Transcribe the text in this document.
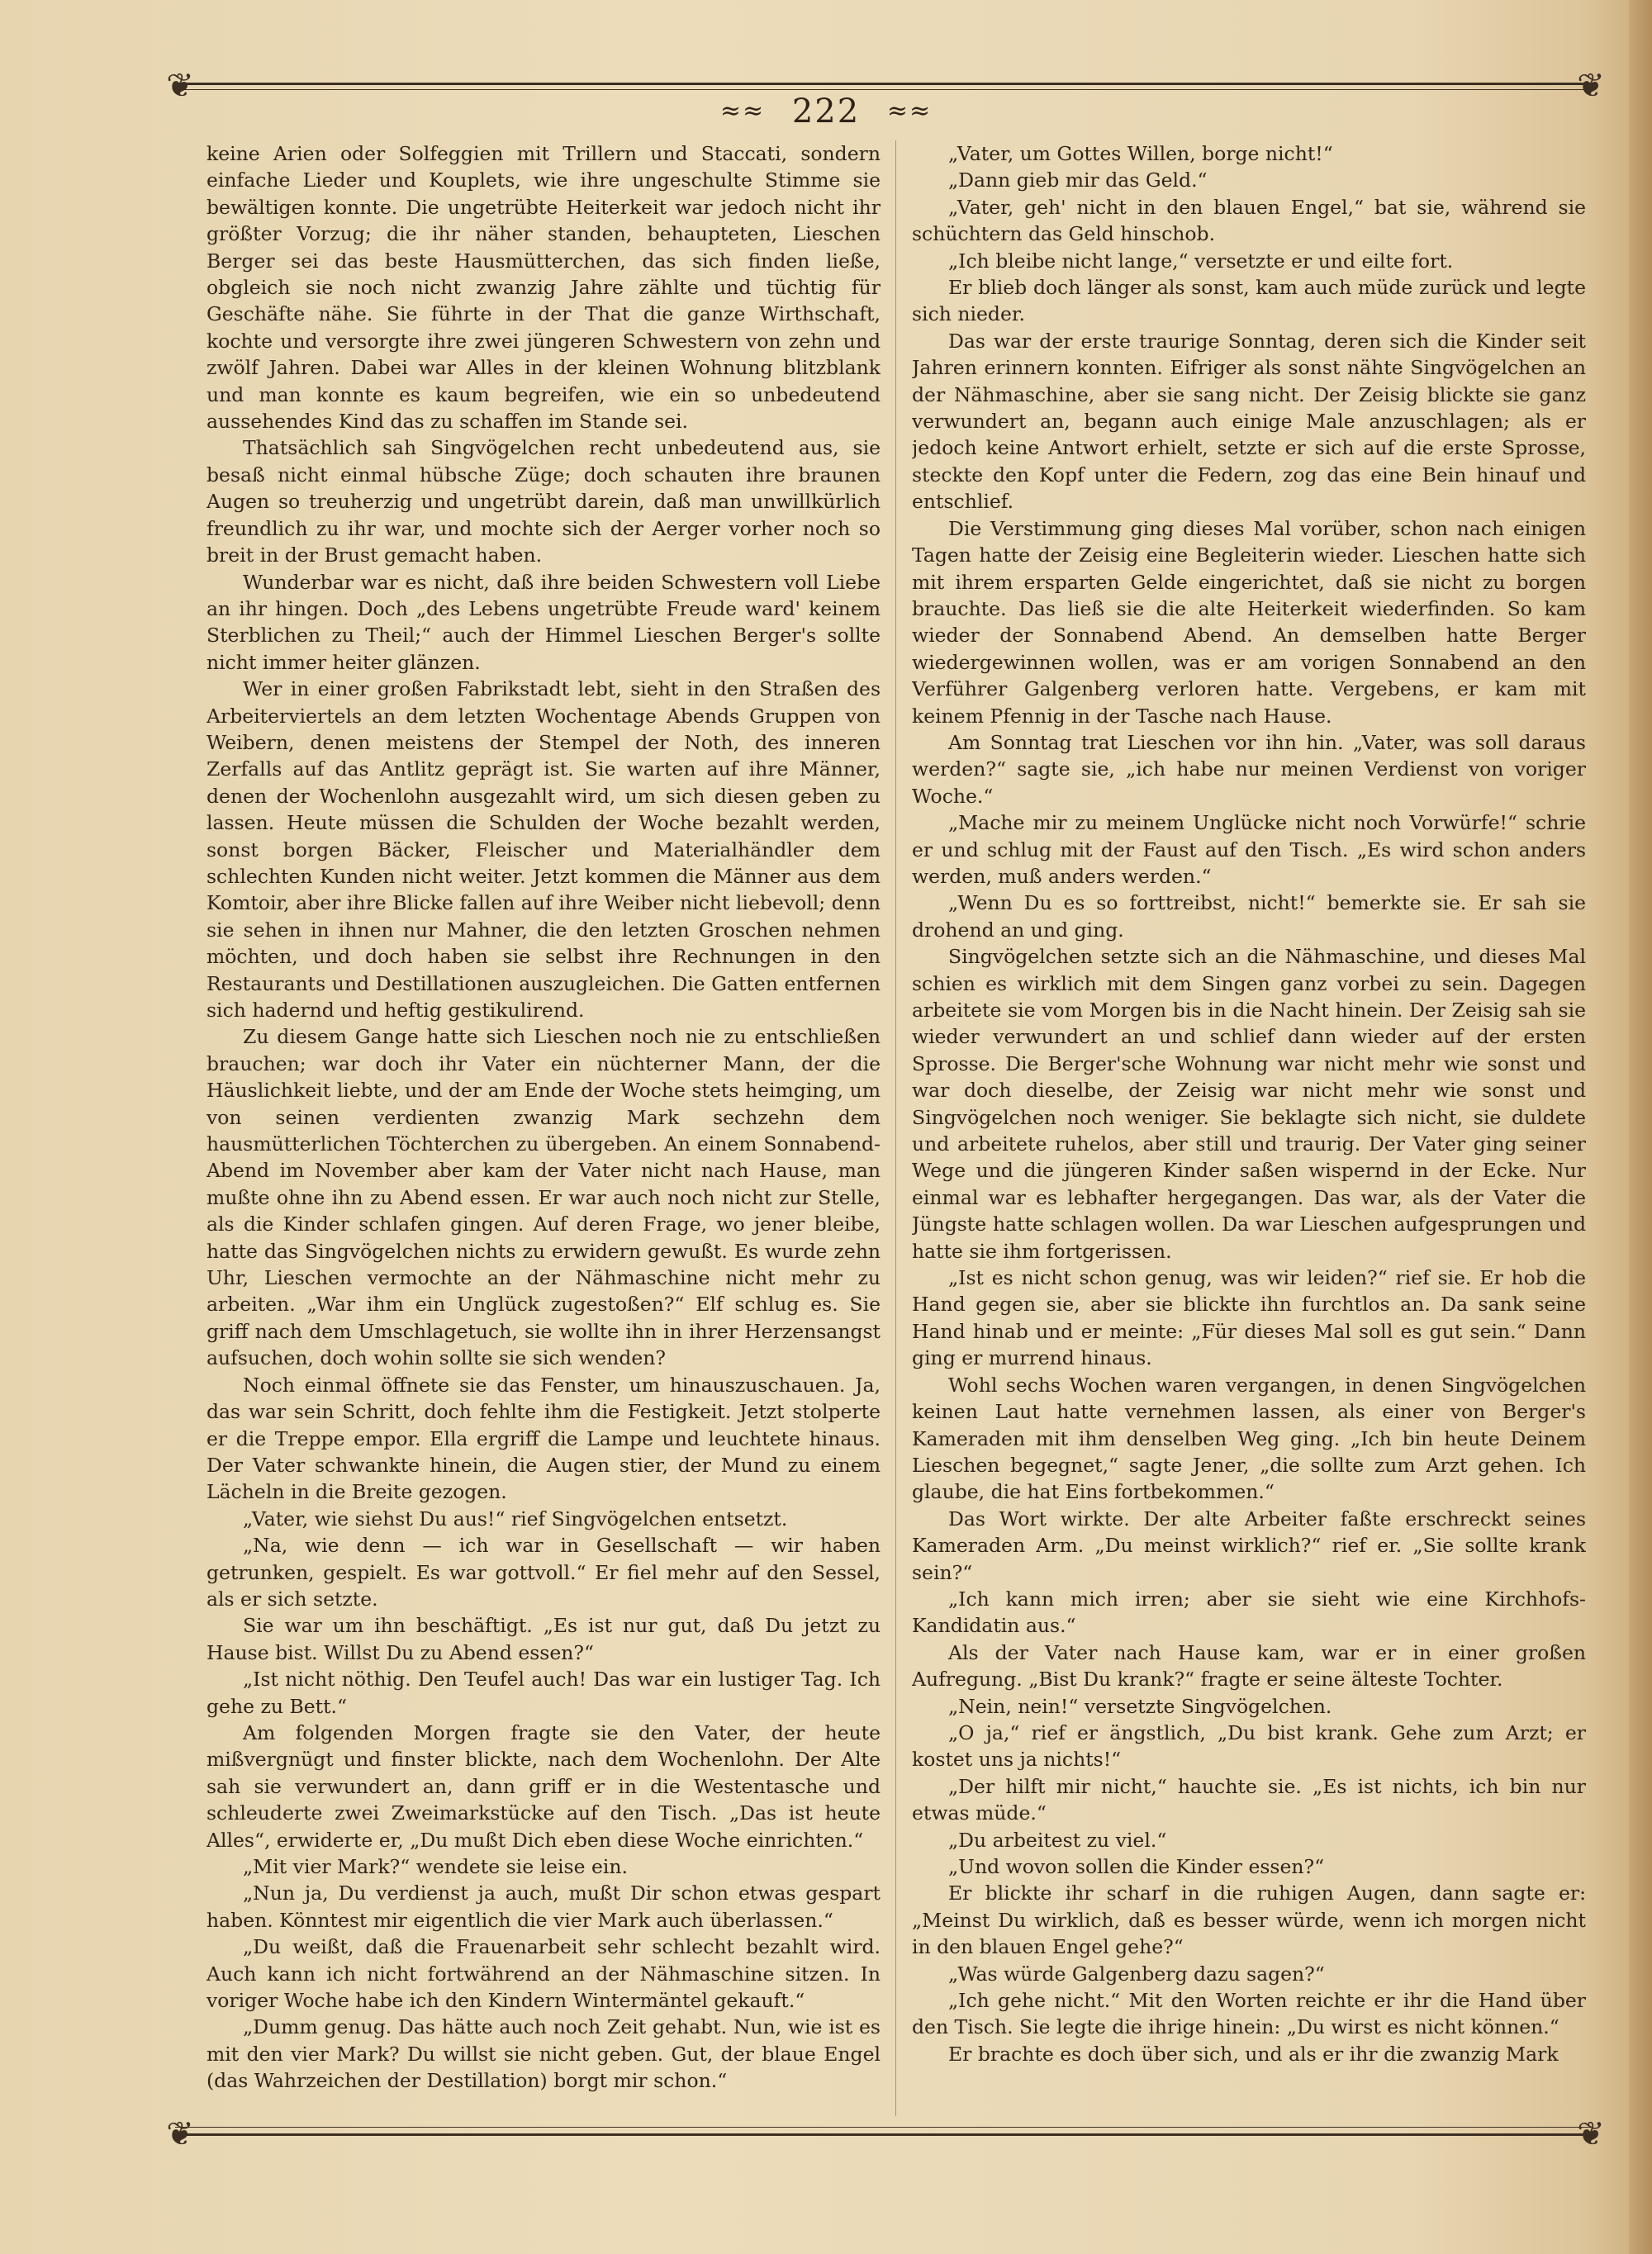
❦	❦
≈≈ 222 ≈≈

keine Arien oder Solfeggien mit Trillern und Staccati, sondern einfache Lieder und Kouplets, wie ihre ungeschulte Stimme sie bewältigen konnte. Die ungetrübte Heiterkeit war jedoch nicht ihr größter Vorzug; die ihr näher standen, behaupteten, Lieschen Berger sei das beste Hausmütterchen, das sich finden ließe, obgleich sie noch nicht zwanzig Jahre zählte und tüchtig für Geschäfte nähe. Sie führte in der That die ganze Wirthschaft, kochte und versorgte ihre zwei jüngeren Schwestern von zehn und zwölf Jahren. Dabei war Alles in der kleinen Wohnung blitzblank und man konnte es kaum begreifen, wie ein so unbedeutend aussehendes Kind das zu schaffen im Stande sei.

Thatsächlich sah Singvögelchen recht unbedeutend aus, sie besaß nicht einmal hübsche Züge; doch schauten ihre braunen Augen so treuherzig und ungetrübt darein, daß man unwillkürlich freundlich zu ihr war, und mochte sich der Aerger vorher noch so breit in der Brust gemacht haben.

Wunderbar war es nicht, daß ihre beiden Schwestern voll Liebe an ihr hingen. Doch „des Lebens ungetrübte Freude ward' keinem Sterblichen zu Theil;“ auch der Himmel Lieschen Berger's sollte nicht immer heiter glänzen.

Wer in einer großen Fabrikstadt lebt, sieht in den Straßen des Arbeiterviertels an dem letzten Wochentage Abends Gruppen von Weibern, denen meistens der Stempel der Noth, des inneren Zerfalls auf das Antlitz geprägt ist. Sie warten auf ihre Männer, denen der Wochenlohn ausgezahlt wird, um sich diesen geben zu lassen. Heute müssen die Schulden der Woche bezahlt werden, sonst borgen Bäcker, Fleischer und Materialhändler dem schlechten Kunden nicht weiter. Jetzt kommen die Männer aus dem Komtoir, aber ihre Blicke fallen auf ihre Weiber nicht liebevoll; denn sie sehen in ihnen nur Mahner, die den letzten Groschen nehmen möchten, und doch haben sie selbst ihre Rechnungen in den Restaurants und Destillationen auszugleichen. Die Gatten entfernen sich hadernd und heftig gestikulirend.

Zu diesem Gange hatte sich Lieschen noch nie zu entschließen brauchen; war doch ihr Vater ein nüchterner Mann, der die Häuslichkeit liebte, und der am Ende der Woche stets heimging, um von seinen verdienten zwanzig Mark sechzehn dem hausmütterlichen Töchterchen zu übergeben. An einem Sonnabend-Abend im November aber kam der Vater nicht nach Hause, man mußte ohne ihn zu Abend essen. Er war auch noch nicht zur Stelle, als die Kinder schlafen gingen. Auf deren Frage, wo jener bleibe, hatte das Singvögelchen nichts zu erwidern gewußt. Es wurde zehn Uhr, Lieschen vermochte an der Nähmaschine nicht mehr zu arbeiten. „War ihm ein Unglück zugestoßen?“ Elf schlug es. Sie griff nach dem Umschlagetuch, sie wollte ihn in ihrer Herzensangst aufsuchen, doch wohin sollte sie sich wenden?

Noch einmal öffnete sie das Fenster, um hinauszuschauen. Ja, das war sein Schritt, doch fehlte ihm die Festigkeit. Jetzt stolperte er die Treppe empor. Ella ergriff die Lampe und leuchtete hinaus. Der Vater schwankte hinein, die Augen stier, der Mund zu einem Lächeln in die Breite gezogen.

„Vater, wie siehst Du aus!“ rief Singvögelchen entsetzt.

„Na, wie denn — ich war in Gesellschaft — wir haben getrunken, gespielt. Es war gottvoll.“ Er fiel mehr auf den Sessel, als er sich setzte.

Sie war um ihn beschäftigt. „Es ist nur gut, daß Du jetzt zu Hause bist. Willst Du zu Abend essen?“

„Ist nicht nöthig. Den Teufel auch! Das war ein lustiger Tag. Ich gehe zu Bett.“

Am folgenden Morgen fragte sie den Vater, der heute mißvergnügt und finster blickte, nach dem Wochenlohn. Der Alte sah sie verwundert an, dann griff er in die Westentasche und schleuderte zwei Zweimarkstücke auf den Tisch. „Das ist heute Alles“, erwiderte er, „Du mußt Dich eben diese Woche einrichten.“

„Mit vier Mark?“ wendete sie leise ein.

„Nun ja, Du verdienst ja auch, mußt Dir schon etwas gespart haben. Könntest mir eigentlich die vier Mark auch überlassen.“

„Du weißt, daß die Frauenarbeit sehr schlecht bezahlt wird. Auch kann ich nicht fortwährend an der Nähmaschine sitzen. In voriger Woche habe ich den Kindern Wintermäntel gekauft.“

„Dumm genug. Das hätte auch noch Zeit gehabt. Nun, wie ist es mit den vier Mark? Du willst sie nicht geben. Gut, der blaue Engel (das Wahrzeichen der Destillation) borgt mir schon.“

„Vater, um Gottes Willen, borge nicht!“

„Dann gieb mir das Geld.“

„Vater, geh' nicht in den blauen Engel,“ bat sie, während sie schüchtern das Geld hinschob.

„Ich bleibe nicht lange,“ versetzte er und eilte fort.

Er blieb doch länger als sonst, kam auch müde zurück und legte sich nieder.

Das war der erste traurige Sonntag, deren sich die Kinder seit Jahren erinnern konnten. Eifriger als sonst nähte Singvögelchen an der Nähmaschine, aber sie sang nicht. Der Zeisig blickte sie ganz verwundert an, begann auch einige Male anzuschlagen; als er jedoch keine Antwort erhielt, setzte er sich auf die erste Sprosse, steckte den Kopf unter die Federn, zog das eine Bein hinauf und entschlief.

Die Verstimmung ging dieses Mal vorüber, schon nach einigen Tagen hatte der Zeisig eine Begleiterin wieder. Lieschen hatte sich mit ihrem ersparten Gelde eingerichtet, daß sie nicht zu borgen brauchte. Das ließ sie die alte Heiterkeit wiederfinden. So kam wieder der Sonnabend Abend. An demselben hatte Berger wiedergewinnen wollen, was er am vorigen Sonnabend an den Verführer Galgenberg verloren hatte. Vergebens, er kam mit keinem Pfennig in der Tasche nach Hause.

Am Sonntag trat Lieschen vor ihn hin. „Vater, was soll daraus werden?“ sagte sie, „ich habe nur meinen Verdienst von voriger Woche.“

„Mache mir zu meinem Unglücke nicht noch Vorwürfe!“ schrie er und schlug mit der Faust auf den Tisch. „Es wird schon anders werden, muß anders werden.“

„Wenn Du es so forttreibst, nicht!“ bemerkte sie. Er sah sie drohend an und ging.

Singvögelchen setzte sich an die Nähmaschine, und dieses Mal schien es wirklich mit dem Singen ganz vorbei zu sein. Dagegen arbeitete sie vom Morgen bis in die Nacht hinein. Der Zeisig sah sie wieder verwundert an und schlief dann wieder auf der ersten Sprosse. Die Berger'sche Wohnung war nicht mehr wie sonst und war doch dieselbe, der Zeisig war nicht mehr wie sonst und Singvögelchen noch weniger. Sie beklagte sich nicht, sie duldete und arbeitete ruhelos, aber still und traurig. Der Vater ging seiner Wege und die jüngeren Kinder saßen wispernd in der Ecke. Nur einmal war es lebhafter hergegangen. Das war, als der Vater die Jüngste hatte schlagen wollen. Da war Lieschen aufgesprungen und hatte sie ihm fortgerissen.

„Ist es nicht schon genug, was wir leiden?“ rief sie. Er hob die Hand gegen sie, aber sie blickte ihn furchtlos an. Da sank seine Hand hinab und er meinte: „Für dieses Mal soll es gut sein.“ Dann ging er murrend hinaus.

Wohl sechs Wochen waren vergangen, in denen Singvögelchen keinen Laut hatte vernehmen lassen, als einer von Berger's Kameraden mit ihm denselben Weg ging. „Ich bin heute Deinem Lieschen begegnet,“ sagte Jener, „die sollte zum Arzt gehen. Ich glaube, die hat Eins fortbekommen.“

Das Wort wirkte. Der alte Arbeiter faßte erschreckt seines Kameraden Arm. „Du meinst wirklich?“ rief er. „Sie sollte krank sein?“

„Ich kann mich irren; aber sie sieht wie eine Kirchhofs-Kandidatin aus.“

Als der Vater nach Hause kam, war er in einer großen Aufregung. „Bist Du krank?“ fragte er seine älteste Tochter.

„Nein, nein!“ versetzte Singvögelchen.

„O ja,“ rief er ängstlich, „Du bist krank. Gehe zum Arzt; er kostet uns ja nichts!“

„Der hilft mir nicht,“ hauchte sie. „Es ist nichts, ich bin nur etwas müde.“

„Du arbeitest zu viel.“

„Und wovon sollen die Kinder essen?“

Er blickte ihr scharf in die ruhigen Augen, dann sagte er: „Meinst Du wirklich, daß es besser würde, wenn ich morgen nicht in den blauen Engel gehe?“

„Was würde Galgenberg dazu sagen?“

„Ich gehe nicht.“ Mit den Worten reichte er ihr die Hand über den Tisch. Sie legte die ihrige hinein: „Du wirst es nicht können.“

Er brachte es doch über sich, und als er ihr die zwanzig Mark

❦	❦
